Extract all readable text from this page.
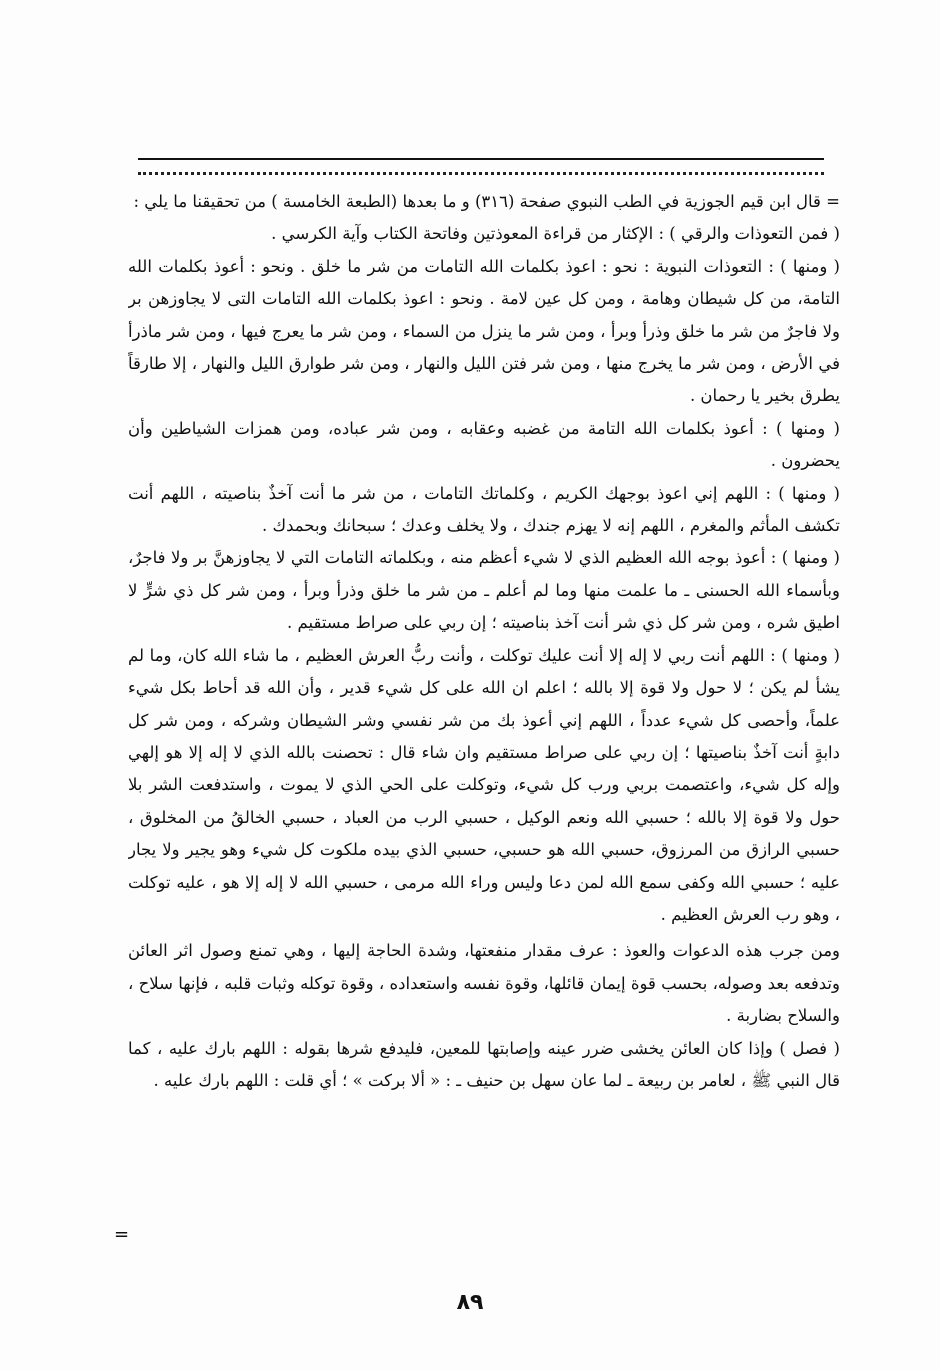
= قال ابن قيم الجوزية في الطب النبوي صفحة (٣١٦) و ما بعدها (الطبعة الخامسة ) من تحقيقنا ما يلي :

( فمن التعوذات والرقي ) : الإكثار من قراءة المعوذتين وفاتحة الكتاب وآية الكرسي .

( ومنها ) : التعوذات النبوية : نحو : اعوذ بكلمات الله التامات من شر ما خلق . ونحو : أعوذ بكلمات الله التامة، من كل شيطان وهامة ، ومن كل عين لامة . ونحو : اعوذ بكلمات الله التامات التى لا يجاوزهن بر ولا فاجرٌ من شر ما خلق وذرأ وبرأ ، ومن شر ما ينزل من السماء ، ومن شر ما يعرج فيها ، ومن شر ماذرأ في الأرض ، ومن شر ما يخرج منها ، ومن شر فتن الليل والنهار ، ومن شر طوارق الليل والنهار ، إلا طارقاً يطرق بخير يا رحمان .

( ومنها ) : أعوذ بكلمات الله التامة من غضبه وعقابه ، ومن شر عباده، ومن همزات الشياطين وأن يحضرون .

( ومنها ) : اللهم إني اعوذ بوجهك الكريم ، وكلماتك التامات ، من شر ما أنت آخذٌ بناصيته ، اللهم أنت تكشف المأثم والمغرم ، اللهم إنه لا يهزم جندك ، ولا يخلف وعدك ؛ سبحانك وبحمدك .

( ومنها ) : أعوذ بوجه الله العظيم الذي لا شيء أعظم منه ، وبكلماته التامات التي لا يجاوزهنَّ بر ولا فاجرٌ، وبأسماء الله الحسنى ـ ما علمت منها وما لم أعلم ـ من شر ما خلق وذرأ وبرأ ، ومن شر كل ذي شرٍّ لا اطيق شره ، ومن شر كل ذي شر أنت آخذ بناصيته ؛ إن ربي على صراط مستقيم .

( ومنها ) : اللهم أنت ربي لا إله إلا أنت عليك توكلت ، وأنت ربُّ العرش العظيم ، ما شاء الله كان، وما لم يشأ لم يكن ؛ لا حول ولا قوة إلا بالله ؛ اعلم ان الله على كل شيء قدير ، وأن الله قد أحاط بكل شيء علماً، وأحصى كل شيء عدداً ، اللهم إني أعوذ بك من شر نفسي وشر الشيطان وشركه ، ومن شر كل دابةٍ أنت آخذٌ بناصيتها ؛ إن ربي على صراط مستقيم وان شاء قال : تحصنت بالله الذي لا إله إلا هو إلهي وإله كل شيء، واعتصمت بربي ورب كل شيء، وتوكلت على الحي الذي لا يموت ، واستدفعت الشر بلا حول ولا قوة إلا بالله ؛ حسبي الله ونعم الوكيل ، حسبي الرب من العباد ، حسبي الخالقُ من المخلوق ، حسبي الرازق من المرزوق، حسبي الله هو حسبي، حسبي الذي بيده ملكوت كل شيء وهو يجير ولا يجار عليه ؛ حسبي الله وكفى سمع الله لمن دعا وليس وراء الله مرمى ، حسبي الله لا إله إلا هو ، عليه توكلت ، وهو رب العرش العظيم .

ومن جرب هذه الدعوات والعوذ : عرف مقدار منفعتها، وشدة الحاجة إليها ، وهي تمنع وصول اثر العائن وتدفعه بعد وصوله، بحسب قوة إيمان قائلها، وقوة نفسه واستعداده ، وقوة توكله وثبات قلبه ، فإنها سلاح ، والسلاح بضاربة .

( فصل ) وإذا كان العائن يخشى ضرر عينه وإصابتها للمعين، فليدفع شرها بقوله : اللهم بارك عليه ، كما قال النبي ﷺ ، لعامر بن ربيعة ـ لما عان سهل بن حنيف ـ : « ألا بركت » ؛ أي قلت : اللهم بارك عليه .

=
٨٩
